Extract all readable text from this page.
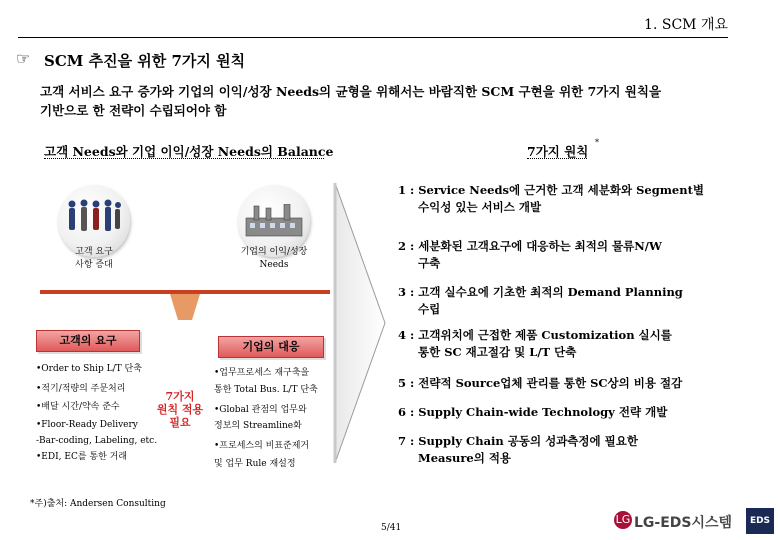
1. SCM 개요
☞ SCM 추진을 위한 7가지 원칙
고객 서비스 요구 증가와 기업의 이익/성장 Needs의 균형을 위해서는 바람직한 SCM 구현을 위한 7가지 원칙을
기반으로 한 전략이 수립되어야 함
고객 Needs와 기업 이익/성장 Needs의 Balance	7가지 원칙
*
고객 요구
사항 증대
기업의 이익/성장
Needs
고객의 요구	기업의 대응
•Order to Ship L/T 단축
•적기/적량의 주문처리
•배달 시간/약속 준수
•Floor-Ready Delivery
-Bar-coding, Labeling, etc.
•EDI, EC를 통한 거래
7가지
원칙 적용
필요
•업무프로세스 재구축을
통한 Total Bus. L/T 단축
•Global 관점의 업무와
정보의 Streamline화
•프로세스의 비표준제거
및 업무 Rule 재설정
1 : Service Needs에 근거한 고객 세분화와 Segment별
수익성 있는 서비스 개발
2 : 세분화된 고객요구에 대응하는 최적의 물류N/W
구축
3 : 고객 실수요에 기초한 최적의 Demand Planning
수립
4 : 고객위치에 근접한 제품 Customization 실시를
통한 SC 재고절감 및 L/T 단축
5 : 전략적 Source업체 관리를 통한 SC상의 비용 절감
6 : Supply Chain-wide Technology 전략 개발
7 : Supply Chain 공동의 성과측정에 필요한
Measure의 적용
*주)출처: Andersen Consulting
5/41
LG LG-EDS시스템	EDS
